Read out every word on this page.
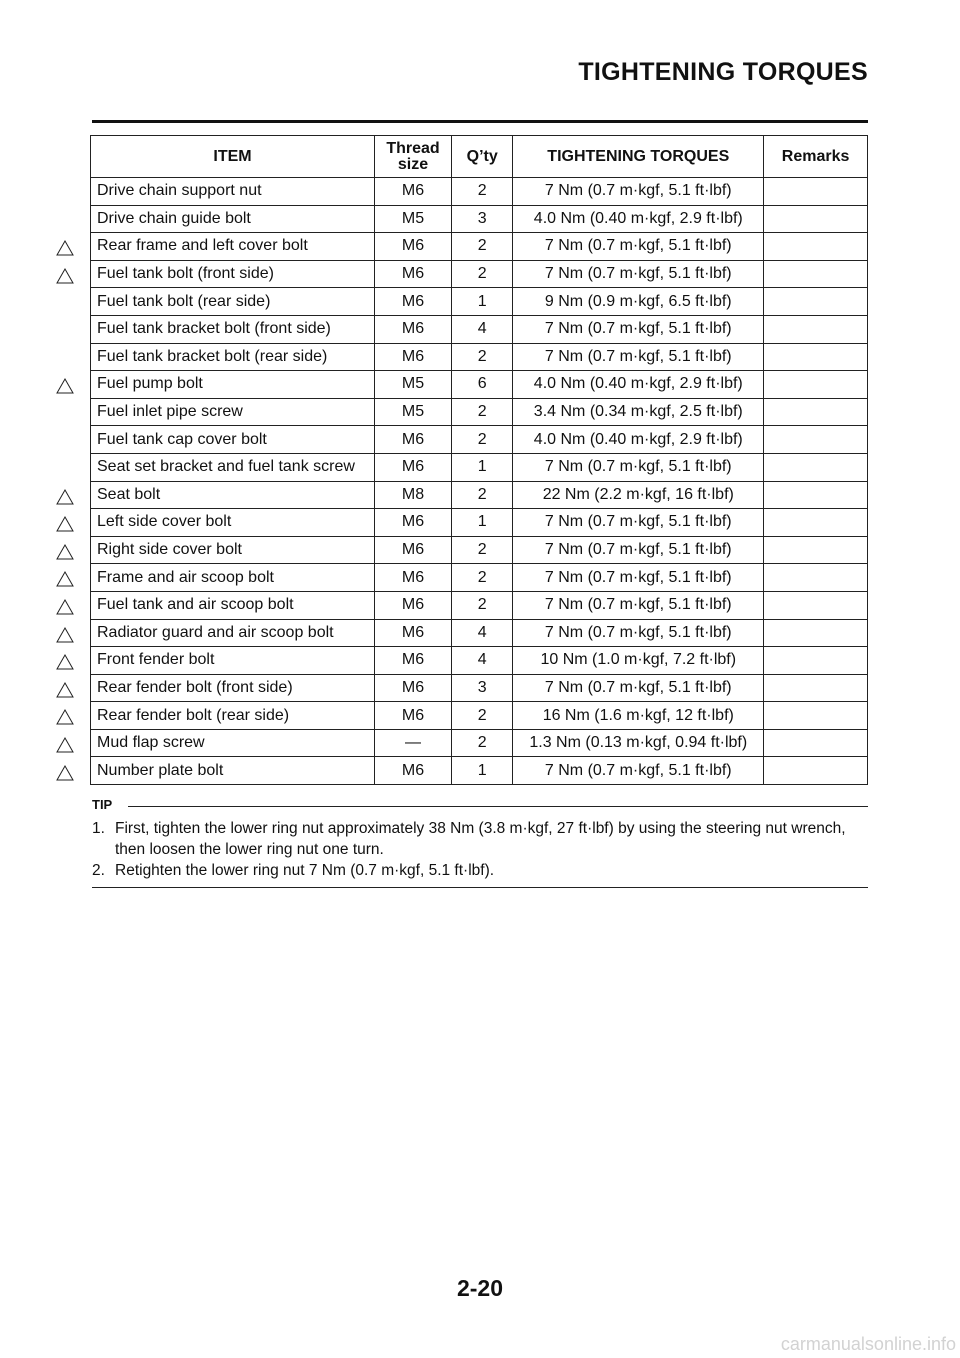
TIGHTENING TORQUES
ITEM	Thread size	Q’ty	TIGHTENING TORQUES	Remarks
Drive chain support nut	M6	2	7 Nm (0.7 m·kgf, 5.1 ft·lbf)	
Drive chain guide bolt	M5	3	4.0 Nm (0.40 m·kgf, 2.9 ft·lbf)	
Rear frame and left cover bolt	M6	2	7 Nm (0.7 m·kgf, 5.1 ft·lbf)	
Fuel tank bolt (front side)	M6	2	7 Nm (0.7 m·kgf, 5.1 ft·lbf)	
Fuel tank bolt (rear side)	M6	1	9 Nm (0.9 m·kgf, 6.5 ft·lbf)	
Fuel tank bracket bolt (front side)	M6	4	7 Nm (0.7 m·kgf, 5.1 ft·lbf)	
Fuel tank bracket bolt (rear side)	M6	2	7 Nm (0.7 m·kgf, 5.1 ft·lbf)	
Fuel pump bolt	M5	6	4.0 Nm (0.40 m·kgf, 2.9 ft·lbf)	
Fuel inlet pipe screw	M5	2	3.4 Nm (0.34 m·kgf, 2.5 ft·lbf)	
Fuel tank cap cover bolt	M6	2	4.0 Nm (0.40 m·kgf, 2.9 ft·lbf)	
Seat set bracket and fuel tank screw	M6	1	7 Nm (0.7 m·kgf, 5.1 ft·lbf)	
Seat bolt	M8	2	22 Nm (2.2 m·kgf, 16 ft·lbf)	
Left side cover bolt	M6	1	7 Nm (0.7 m·kgf, 5.1 ft·lbf)	
Right side cover bolt	M6	2	7 Nm (0.7 m·kgf, 5.1 ft·lbf)	
Frame and air scoop bolt	M6	2	7 Nm (0.7 m·kgf, 5.1 ft·lbf)	
Fuel tank and air scoop bolt	M6	2	7 Nm (0.7 m·kgf, 5.1 ft·lbf)	
Radiator guard and air scoop bolt	M6	4	7 Nm (0.7 m·kgf, 5.1 ft·lbf)	
Front fender bolt	M6	4	10 Nm (1.0 m·kgf, 7.2 ft·lbf)	
Rear fender bolt (front side)	M6	3	7 Nm (0.7 m·kgf, 5.1 ft·lbf)	
Rear fender bolt (rear side)	M6	2	16 Nm (1.6 m·kgf, 12 ft·lbf)	
Mud flap screw	—	2	1.3 Nm (0.13 m·kgf, 0.94 ft·lbf)	
Number plate bolt	M6	1	7 Nm (0.7 m·kgf, 5.1 ft·lbf)	
TIP
1. First, tighten the lower ring nut approximately 38 Nm (3.8 m·kgf, 27 ft·lbf) by using the steering nut wrench, then loosen the lower ring nut one turn.
2. Retighten the lower ring nut 7 Nm (0.7 m·kgf, 5.1 ft·lbf).
2-20
carmanualsonline.info
